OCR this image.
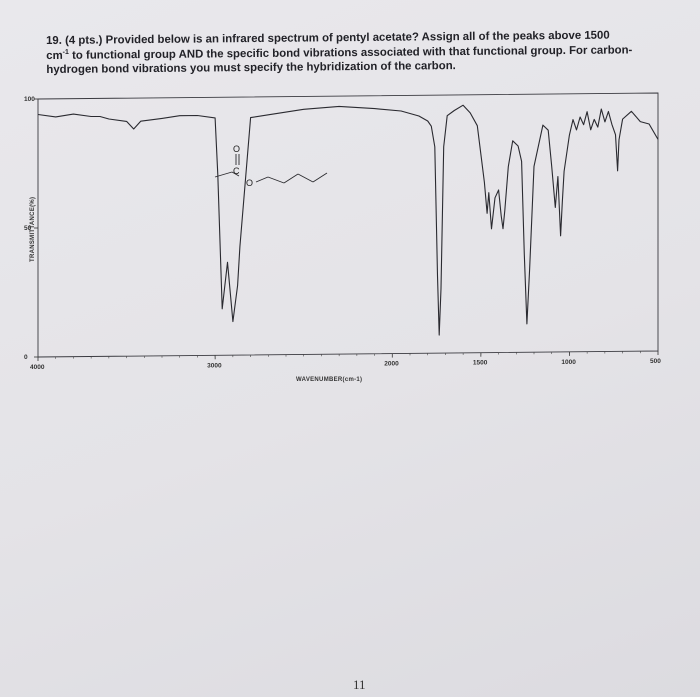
19. (4 pts.) Provided below is an infrared spectrum of pentyl acetate? Assign all of the peaks above 1500
$cm^{-1}$ to functional group AND the specific bond vibrations associated with that functional group. For carbon-
hydrogen bond vibrations you must specify the hybridization of the carbon.
4000	3000	2000	1500	1000	500
0
50
100
WAVENUMBER(cm-1)
TRANSMITTANCE(%)
O
C
O
11
